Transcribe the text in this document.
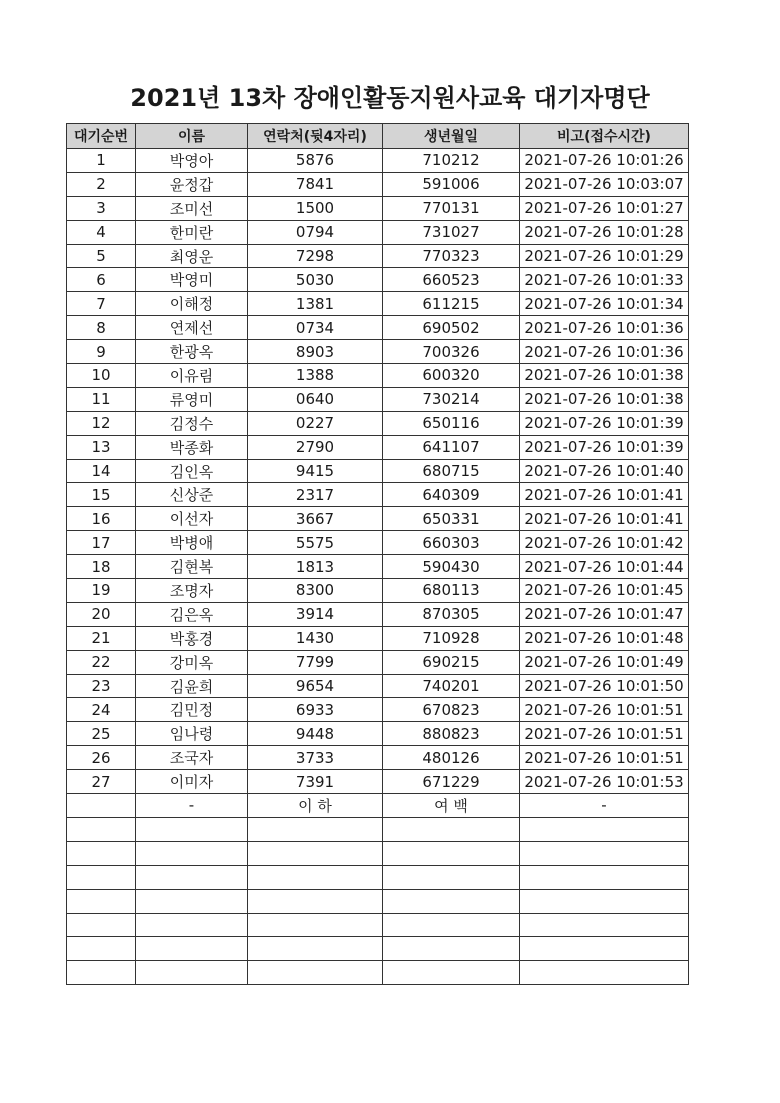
2021년 13차 장애인활동지원사교육 대기자명단
대기순번	이름	연락처(뒷4자리)	생년월일	비고(접수시간)
1	박영아	5876	710212	2021-07-26 10:01:26
2	윤정갑	7841	591006	2021-07-26 10:03:07
3	조미선	1500	770131	2021-07-26 10:01:27
4	한미란	0794	731027	2021-07-26 10:01:28
5	최영운	7298	770323	2021-07-26 10:01:29
6	박영미	5030	660523	2021-07-26 10:01:33
7	이해정	1381	611215	2021-07-26 10:01:34
8	연제선	0734	690502	2021-07-26 10:01:36
9	한광옥	8903	700326	2021-07-26 10:01:36
10	이유림	1388	600320	2021-07-26 10:01:38
11	류영미	0640	730214	2021-07-26 10:01:38
12	김정수	0227	650116	2021-07-26 10:01:39
13	박종화	2790	641107	2021-07-26 10:01:39
14	김인옥	9415	680715	2021-07-26 10:01:40
15	신상준	2317	640309	2021-07-26 10:01:41
16	이선자	3667	650331	2021-07-26 10:01:41
17	박병애	5575	660303	2021-07-26 10:01:42
18	김현복	1813	590430	2021-07-26 10:01:44
19	조명자	8300	680113	2021-07-26 10:01:45
20	김은옥	3914	870305	2021-07-26 10:01:47
21	박홍경	1430	710928	2021-07-26 10:01:48
22	강미옥	7799	690215	2021-07-26 10:01:49
23	김윤희	9654	740201	2021-07-26 10:01:50
24	김민정	6933	670823	2021-07-26 10:01:51
25	임나령	9448	880823	2021-07-26 10:01:51
26	조국자	3733	480126	2021-07-26 10:01:51
27	이미자	7391	671229	2021-07-26 10:01:53
	-	이 하	여 백	-
